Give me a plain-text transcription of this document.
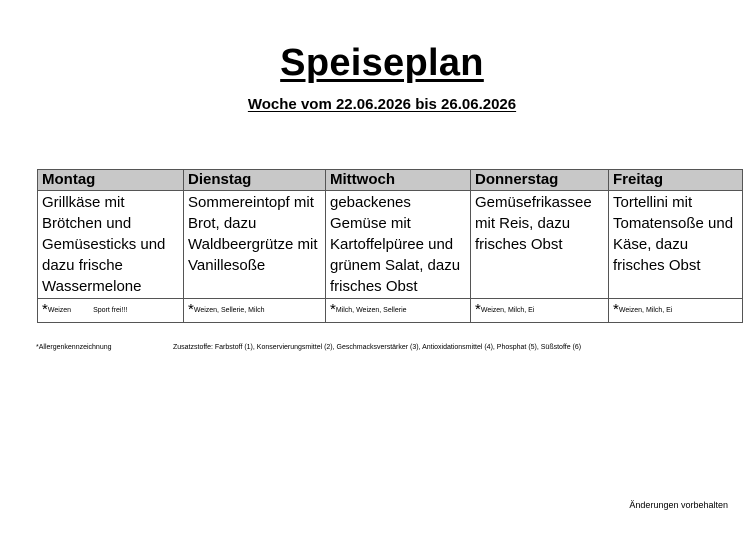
Speiseplan
Woche vom 22.06.2026 bis 26.06.2026
Montag	Dienstag	Mittwoch	Donnerstag	Freitag
Grillkäse mit Brötchen und Gemüsesticks und dazu frische Wassermelone	Sommereintopf mit Brot, dazu Waldbeergrütze mit Vanillesoße	gebackenes Gemüse mit Kartoffelpüree und grünem Salat, dazu frisches Obst	Gemüsefrikassee mit Reis, dazu frisches Obst	Tortellini mit Tomatensoße und Käse, dazu frisches Obst
*Weizen Sport frei!!!	*Weizen, Sellerie, Milch	*Milch, Weizen, Sellerie	*Weizen, Milch, Ei	*Weizen, Milch, Ei
*Allergenkennzeichnung	Zusatzstoffe: Farbstoff (1), Konservierungsmittel (2), Geschmacksverstärker (3), Antioxidationsmittel (4), Phosphat (5), Süßstoffe (6)
Änderungen vorbehalten
